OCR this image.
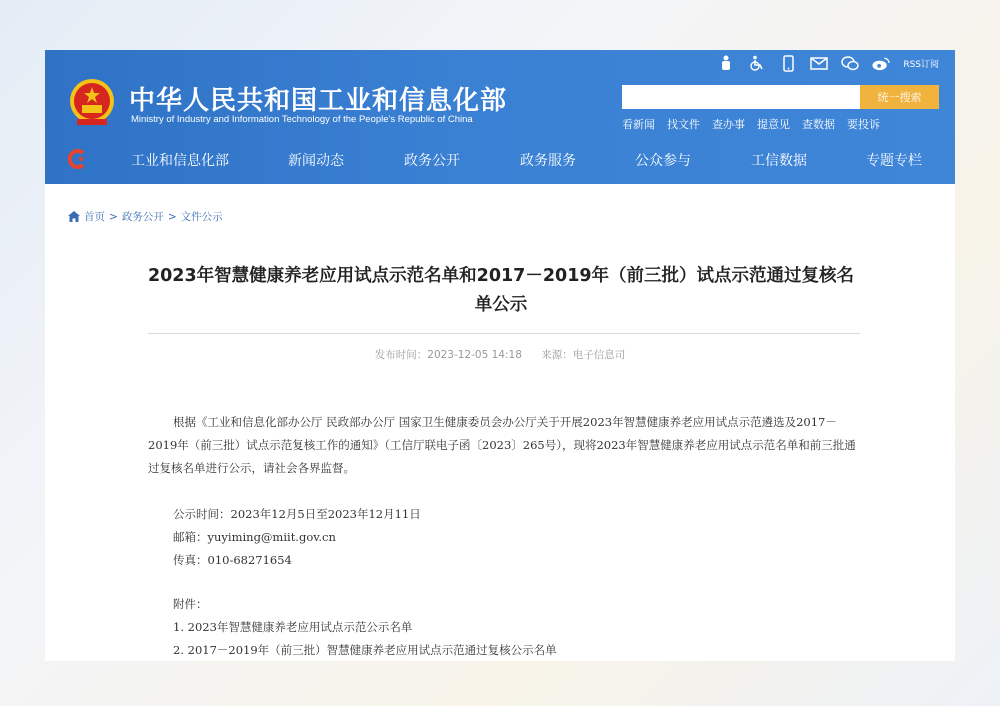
中华人民共和国工业和信息化部
Ministry of Industry and Information Technology of the People's Republic of China
RSS订阅
统一搜索
看新闻 找文件 查办事 提意见 查数据 要投诉
工业和信息化部	新闻动态	政务公开	政务服务	公众参与	工信数据	专题专栏
首页 > 政务公开 > 文件公示
2023年智慧健康养老应用试点示范名单和2017－2019年（前三批）试点示范通过复核名单公示
发布时间：2023-12-05 14:18 来源：电子信息司

根据《工业和信息化部办公厅 民政部办公厅 国家卫生健康委员会办公厅关于开展2023年智慧健康养老应用试点示范遴选及2017－2019年（前三批）试点示范复核工作的通知》（工信厅联电子函〔2023〕265号），现将2023年智慧健康养老应用试点示范名单和前三批通过复核名单进行公示，请社会各界监督。

公示时间：2023年12月5日至2023年12月11日
邮箱：yuyiming@miit.gov.cn
传真：010-68271654
附件：
1. 2023年智慧健康养老应用试点示范公示名单
2. 2017－2019年（前三批）智慧健康养老应用试点示范通过复核公示名单
